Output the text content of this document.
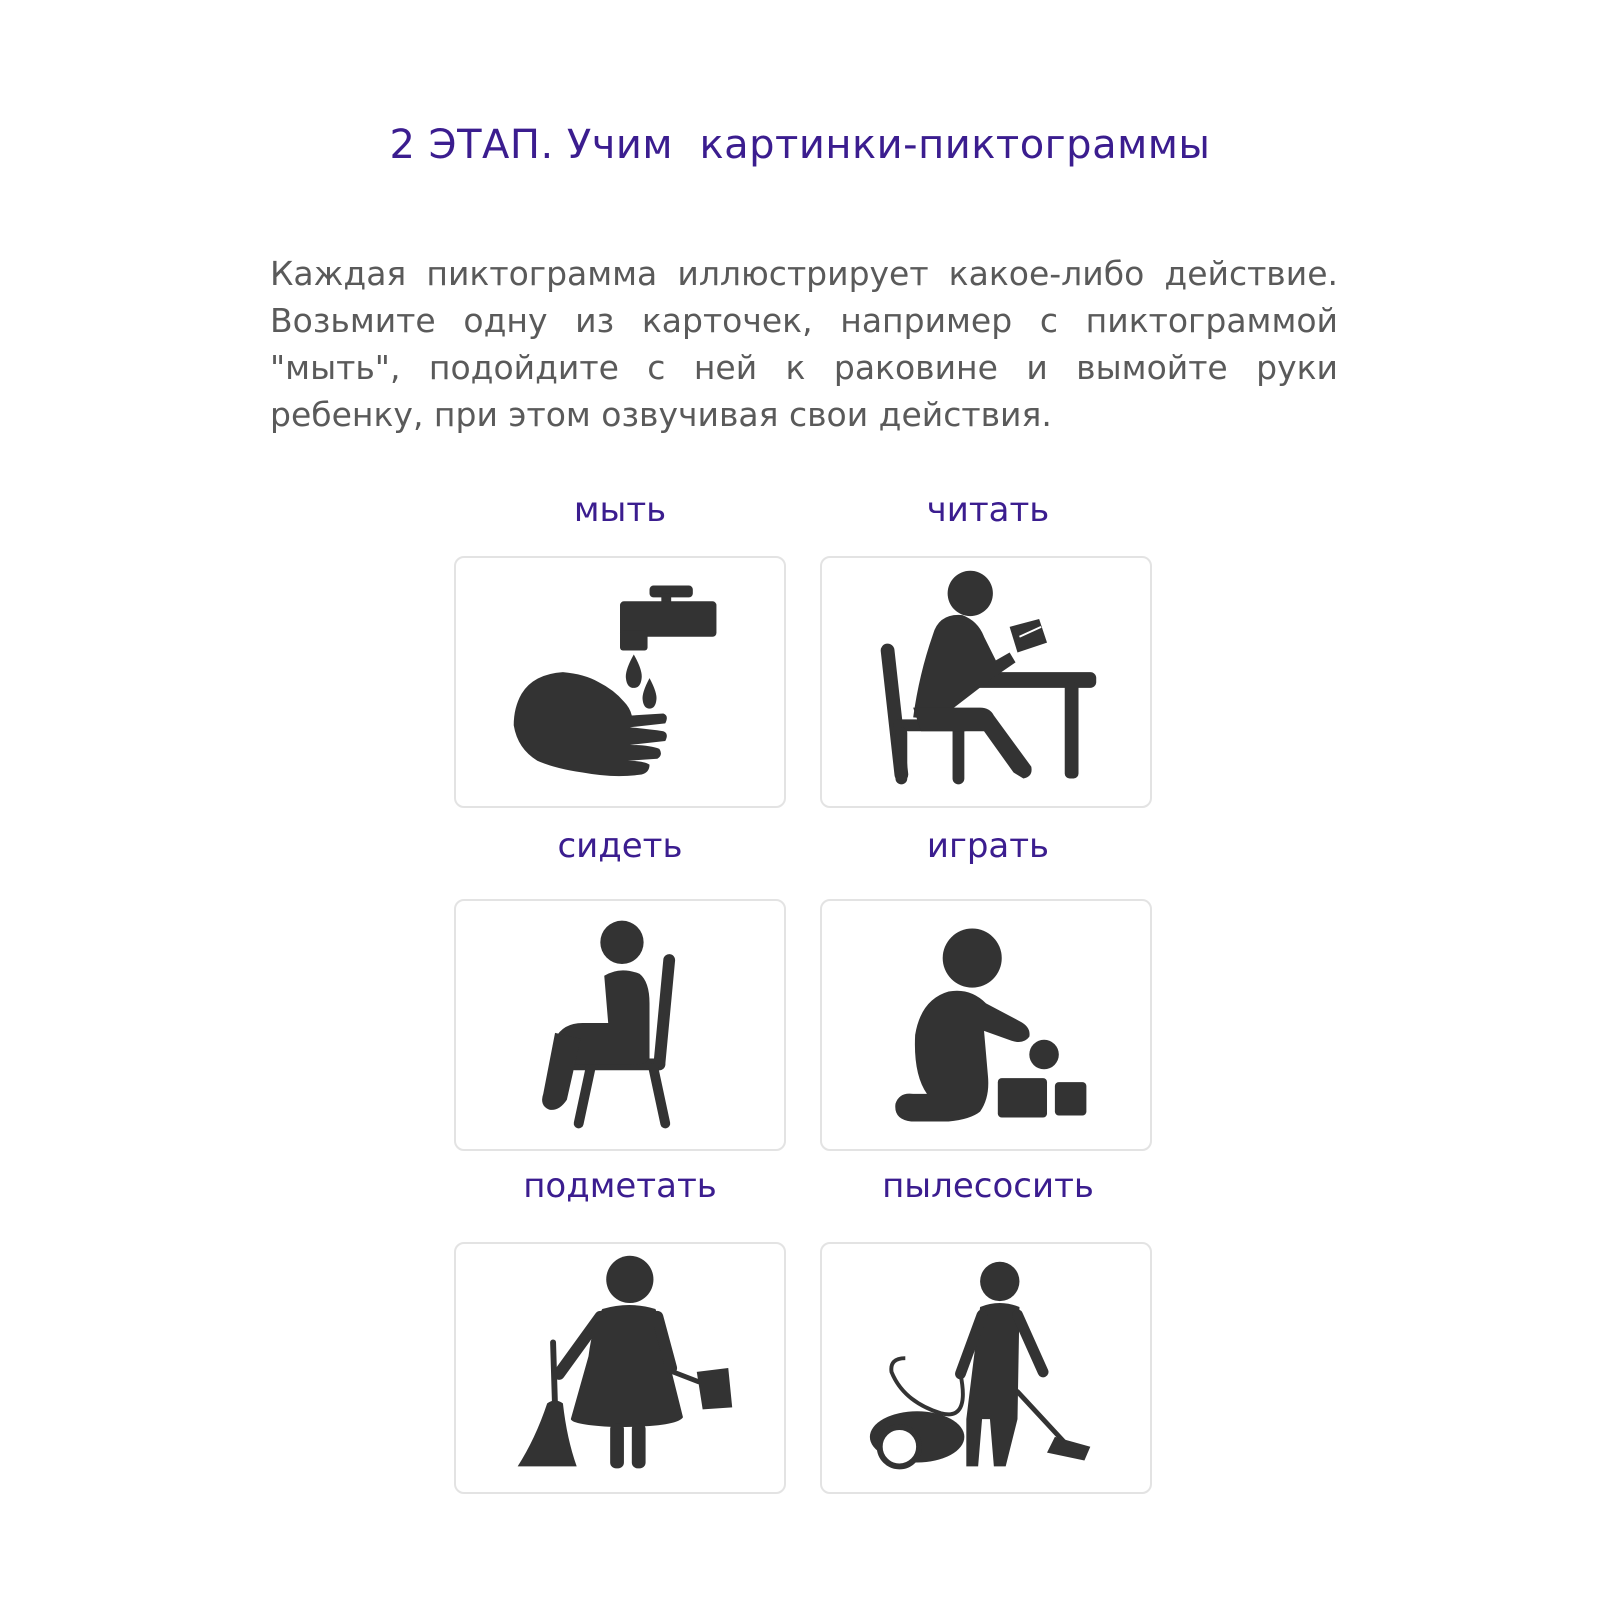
2 ЭТАП. Учим  картинки-пиктограммы
Каждая пиктограмма иллюстрирует какое-либо действие. Возьмите одну из карточек, например с пиктограммой "мыть", подойдите с ней к раковине и вымойте руки ребенку, при этом озвучивая свои действия.
мыть	читать
сидеть	играть
подметать	пылесосить
